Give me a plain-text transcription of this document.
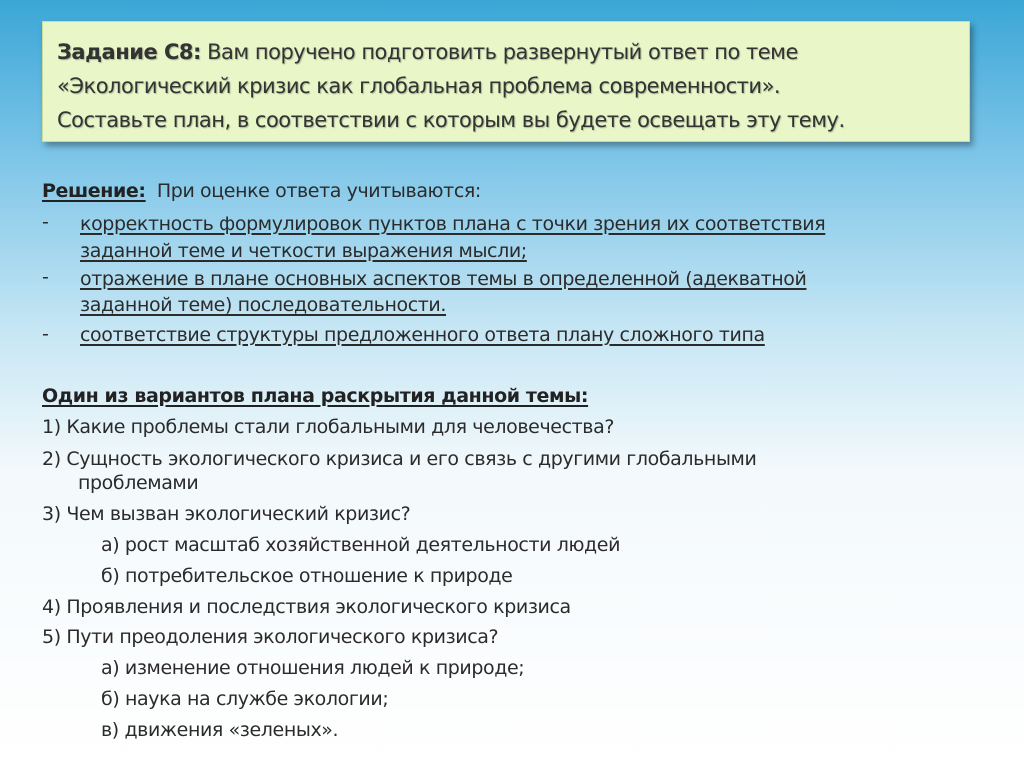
Задание С8: Вам поручено подготовить развернутый ответ по теме
«Экологический кризис как глобальная проблема современности».
Составьте план, в соответствии с которым вы будете освещать эту тему.
Решение: При оценке ответа учитываются:
- корректность формулировок пунктов плана с точки зрения их соответствия
заданной теме и четкости выражения мысли;
- отражение в плане основных аспектов темы в определенной (адекватной
заданной теме) последовательности.
- соответствие структуры предложенного ответа плану сложного типа
Один из вариантов плана раскрытия данной темы:
1) Какие проблемы стали глобальными для человечества?
2) Сущность экологического кризиса и его связь с другими глобальными
проблемами
3) Чем вызван экологический кризис?
а) рост масштаб хозяйственной деятельности людей
б) потребительское отношение к природе
4) Проявления и последствия экологического кризиса
5) Пути преодоления экологического кризиса?
а) изменение отношения людей к природе;
б) наука на службе экологии;
в) движения «зеленых».
